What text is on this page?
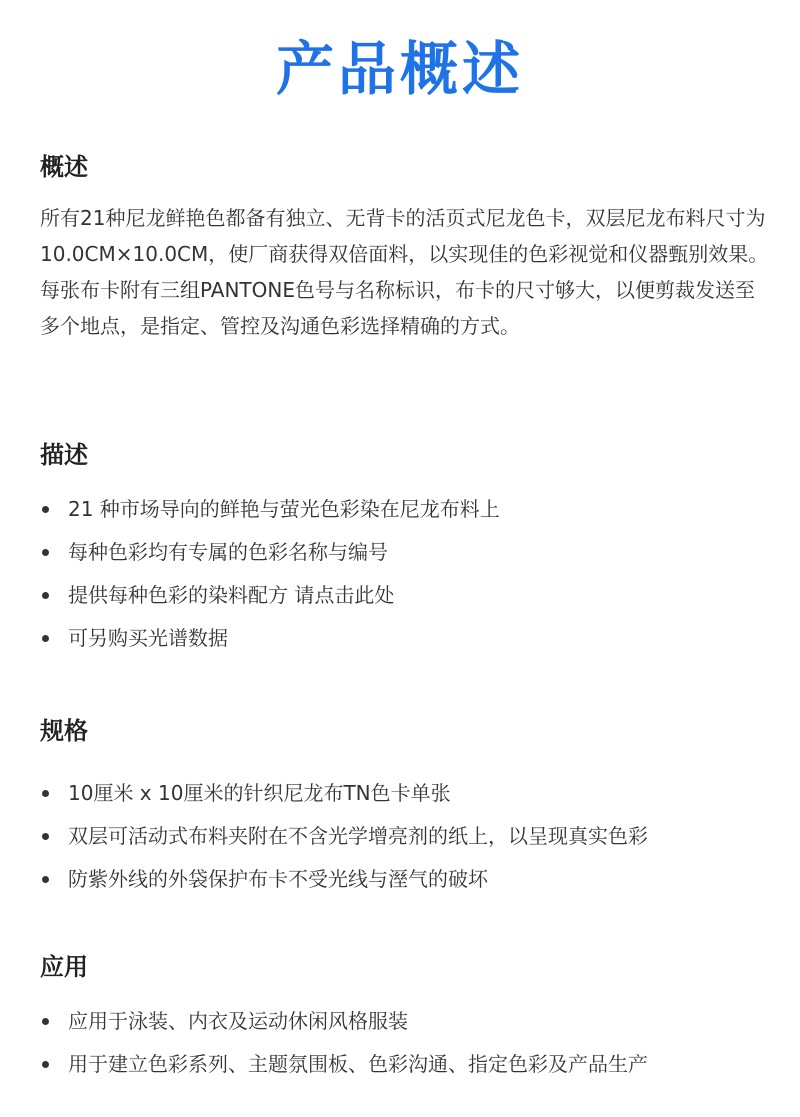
产品概述
概述

所有21种尼龙鲜艳色都备有独立、无背卡的活页式尼龙色卡，双层尼龙布料尺寸为10.0CM×10.0CM，使厂商获得双倍面料，以实现佳的色彩视觉和仪器甄别效果。

每张布卡附有三组PANTONE色号与名称标识，布卡的尺寸够大，以便剪裁发送至多个地点，是指定、管控及沟通色彩选择精确的方式。

描述
21 种市场导向的鲜艳与萤光色彩染在尼龙布料上
每种色彩均有专属的色彩名称与编号
提供每种色彩的染料配方 请点击此处
可另购买光谱数据
规格
10厘米 x 10厘米的针织尼龙布TN色卡单张
双层可活动式布料夹附在不含光学增亮剂的纸上，以呈现真实色彩
防紫外线的外袋保护布卡不受光线与溼气的破坏
应用
应用于泳装、内衣及运动休闲风格服装
用于建立色彩系列、主题氛围板、色彩沟通、指定色彩及产品生产
